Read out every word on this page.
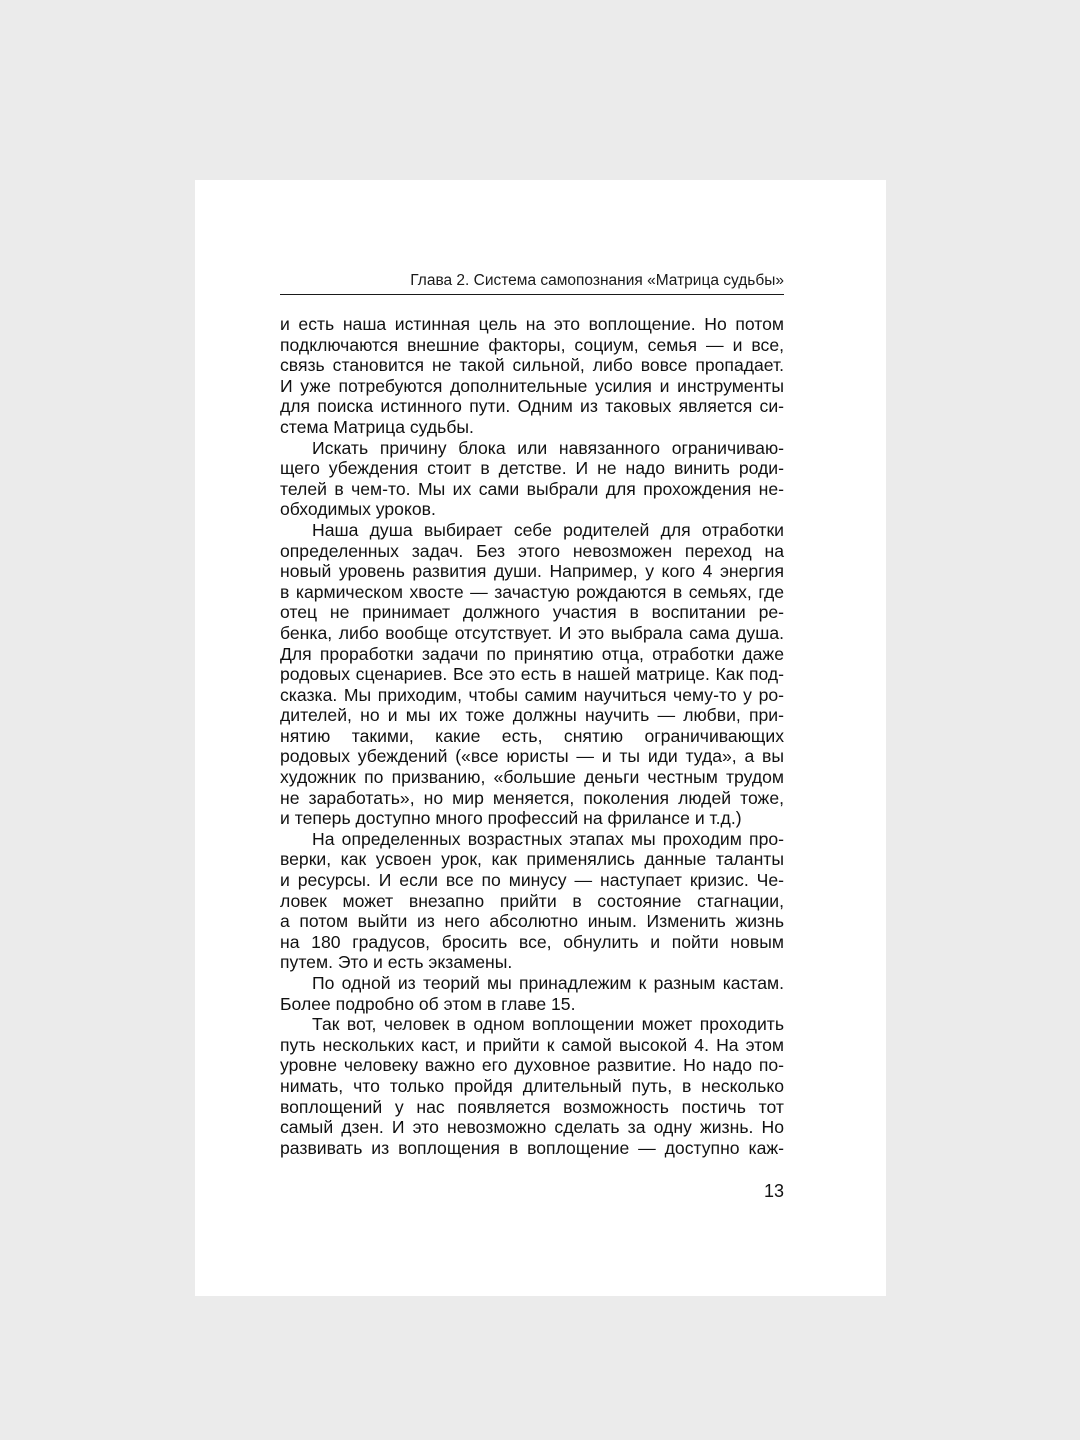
Глава 2. Система самопознания «Матрица судьбы»
и есть наша истинная цель на это воплощение. Но потом
подключаются внешние факторы, социум, семья — и все,
связь становится не такой сильной, либо вовсе пропадает.
И уже потребуются дополнительные усилия и инструменты
для поиска истинного пути. Одним из таковых является си-
стема Матрица судьбы.
Искать причину блока или навязанного ограничиваю-
щего убеждения стоит в детстве. И не надо винить роди-
телей в чем-то. Мы их сами выбрали для прохождения не-
обходимых уроков.
Наша душа выбирает себе родителей для отработки
определенных задач. Без этого невозможен переход на
новый уровень развития души. Например, у кого 4 энергия
в кармическом хвосте — зачастую рождаются в семьях, где
отец не принимает должного участия в воспитании ре-
бенка, либо вообще отсутствует. И это выбрала сама душа.
Для проработки задачи по принятию отца, отработки даже
родовых сценариев. Все это есть в нашей матрице. Как под-
сказка. Мы приходим, чтобы самим научиться чему-то у ро-
дителей, но и мы их тоже должны научить — любви, при-
нятию такими, какие есть, снятию ограничивающих
родовых убеждений («все юристы — и ты иди туда», а вы
художник по призванию, «большие деньги честным трудом
не заработать», но мир меняется, поколения людей тоже,
и теперь доступно много профессий на фрилансе и т.д.)
На определенных возрастных этапах мы проходим про-
верки, как усвоен урок, как применялись данные таланты
и ресурсы. И если все по минусу — наступает кризис. Че-
ловек может внезапно прийти в состояние стагнации,
а потом выйти из него абсолютно иным. Изменить жизнь
на 180 градусов, бросить все, обнулить и пойти новым
путем. Это и есть экзамены.
По одной из теорий мы принадлежим к разным кастам.
Более подробно об этом в главе 15.
Так вот, человек в одном воплощении может проходить
путь нескольких каст, и прийти к самой высокой 4. На этом
уровне человеку важно его духовное развитие. Но надо по-
нимать, что только пройдя длительный путь, в несколько
воплощений у нас появляется возможность постичь тот
самый дзен. И это невозможно сделать за одну жизнь. Но
развивать из воплощения в воплощение — доступно каж-
13
